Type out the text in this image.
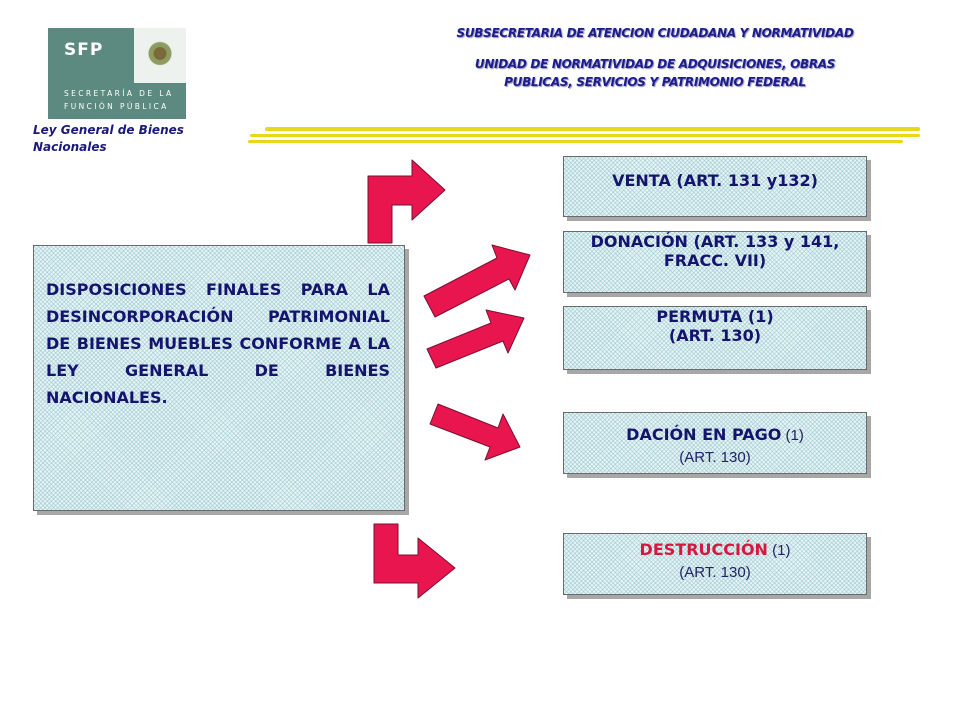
SFP
SECRETARÍA DE LA
FUNCIÓN PÚBLICA
Ley General de Bienes Nacionales
SUBSECRETARIA DE ATENCION CIUDADANA Y NORMATIVIDAD
UNIDAD DE NORMATIVIDAD DE ADQUISICIONES, OBRAS
PUBLICAS, SERVICIOS Y PATRIMONIO FEDERAL
DISPOSICIONES FINALES PARA LA DESINCORPORACIÓN PATRIMONIAL DE BIENES MUEBLES CONFORME A LA LEY GENERAL DE BIENES NACIONALES.
VENTA (ART. 131 y132)
DONACIÓN (ART. 133 y 141, FRACC. VII)
PERMUTA (1)
(ART. 130)
DACIÓN EN PAGO (1)
(ART. 130)
DESTRUCCIÓN (1)
(ART. 130)
